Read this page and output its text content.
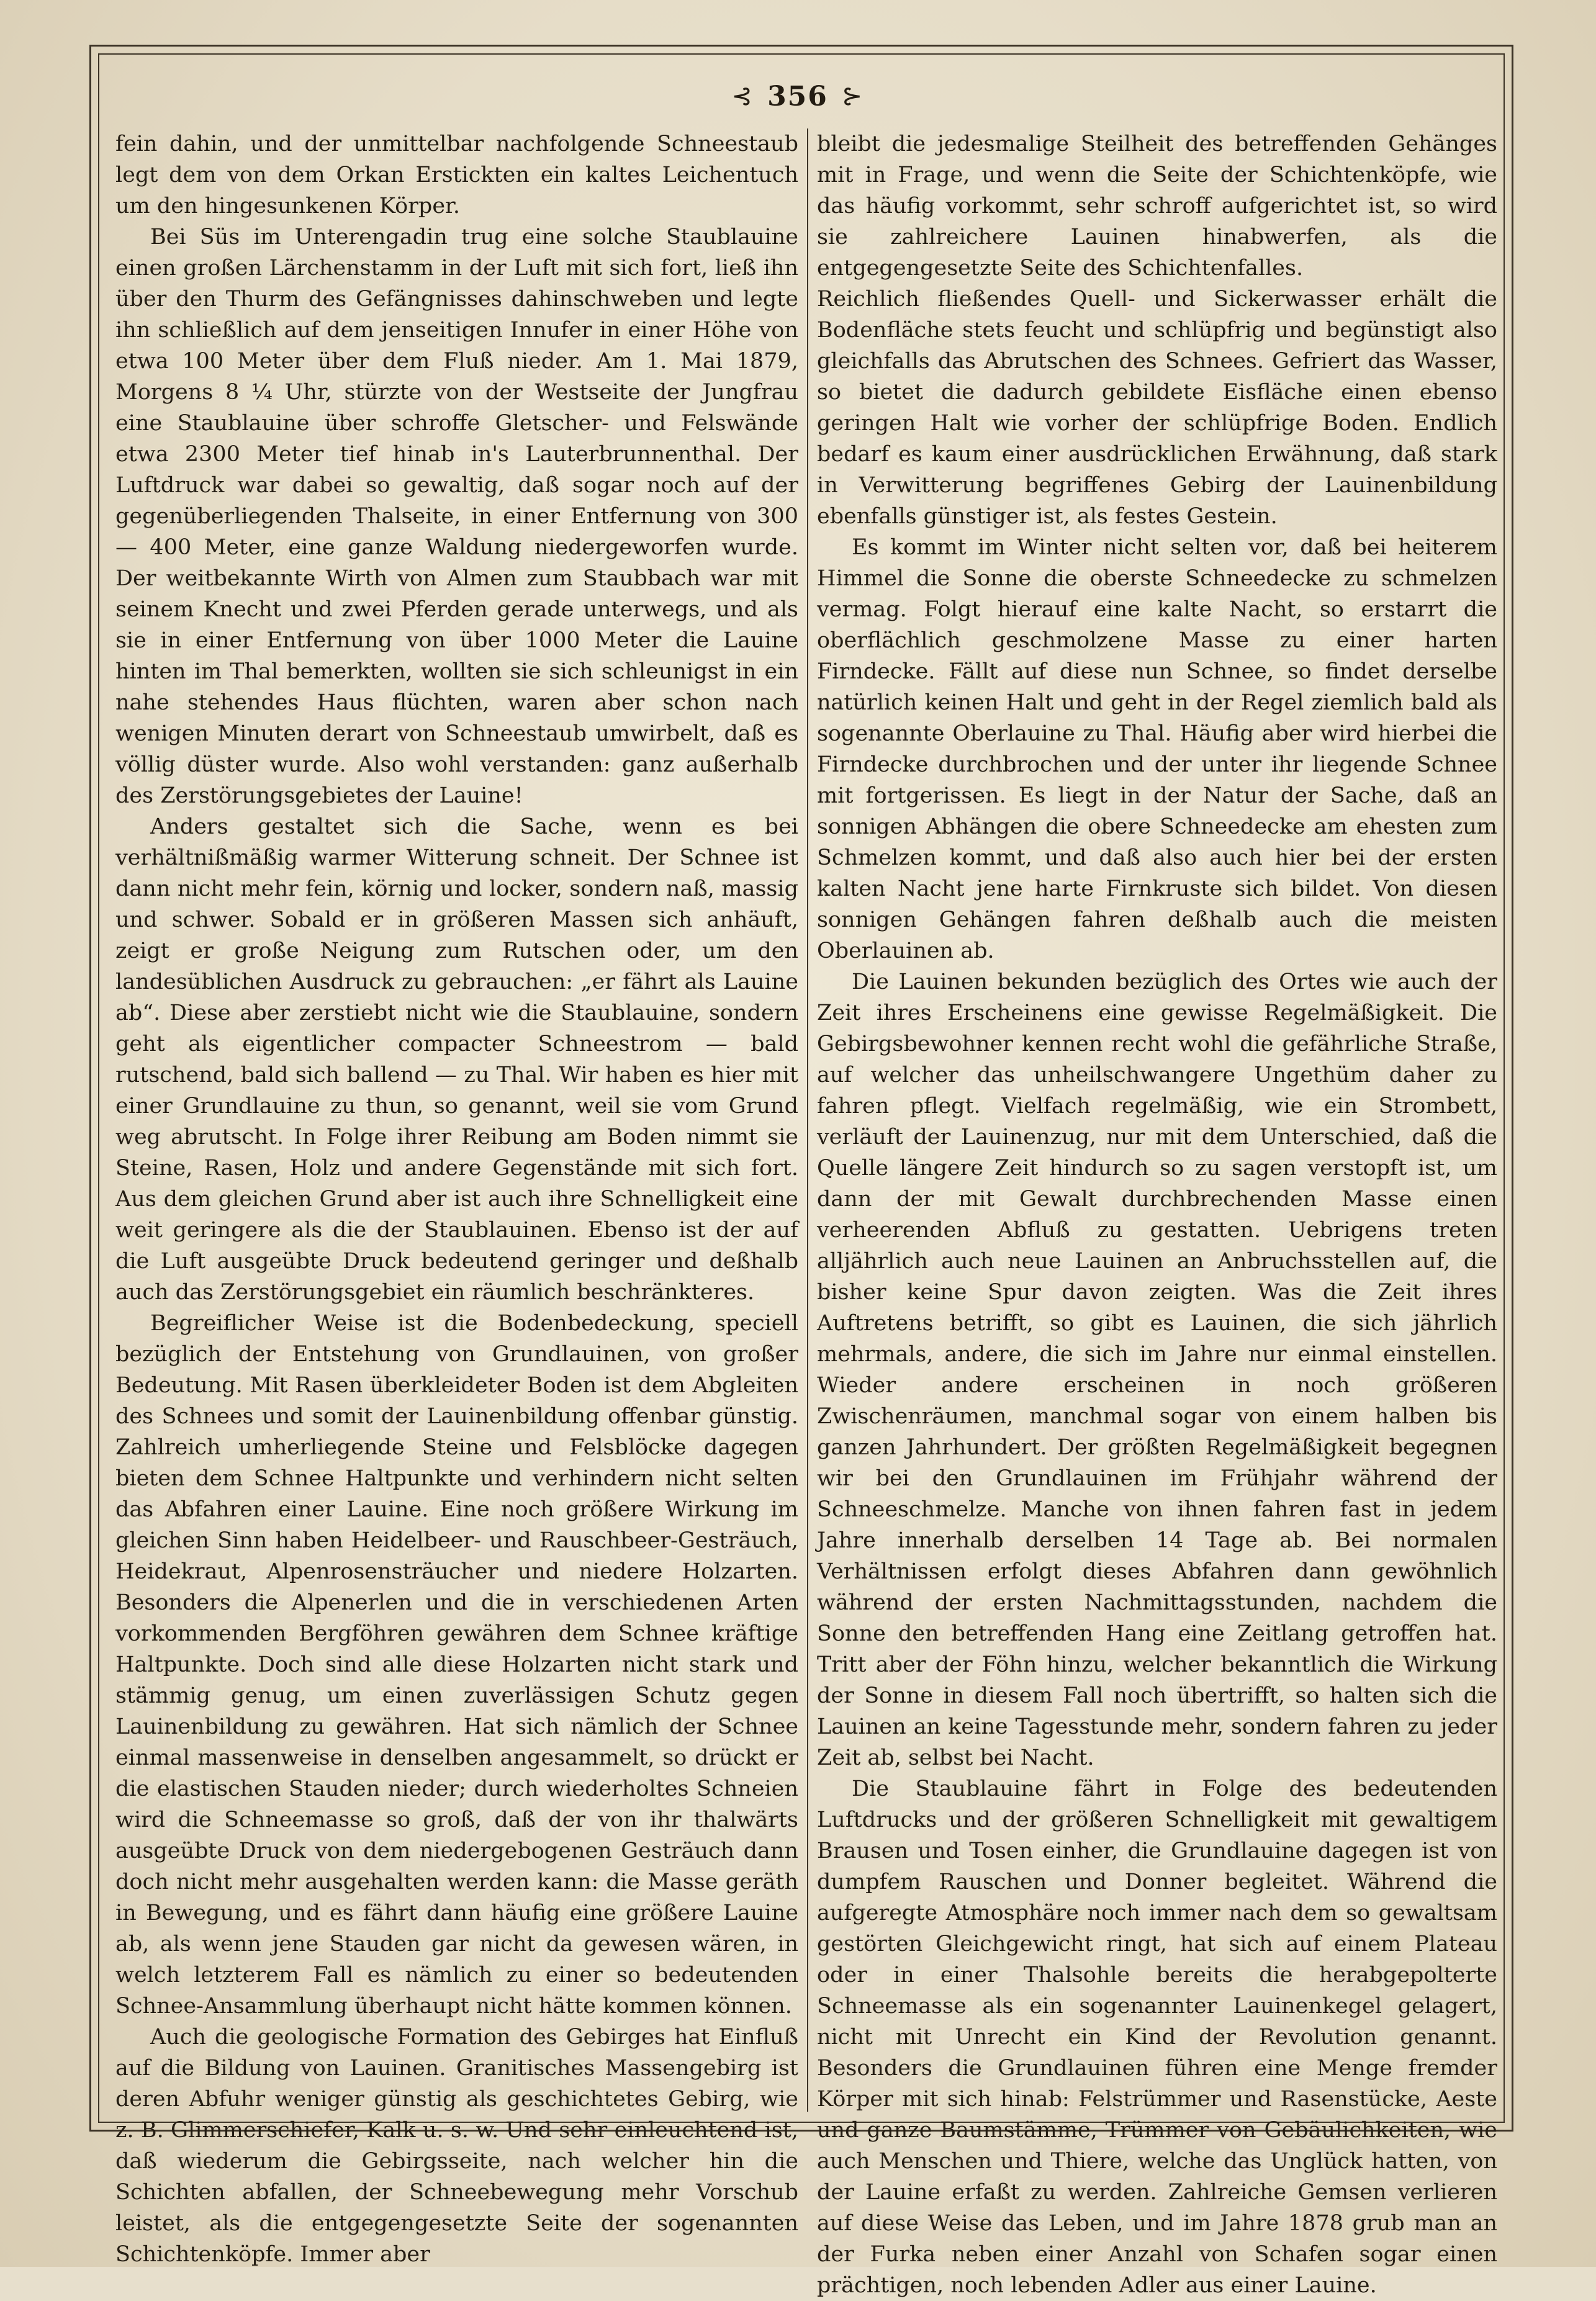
⊰ 356 ⊱

fein dahin, und der unmittelbar nachfolgende Schneestaub legt dem von dem Orkan Erstickten ein kaltes Leichentuch um den hingesunkenen Körper.

Bei Süs im Unterengadin trug eine solche Staublauine einen großen Lärchenstamm in der Luft mit sich fort, ließ ihn über den Thurm des Gefängnisses dahinschweben und legte ihn schließlich auf dem jenseitigen Innufer in einer Höhe von etwa 100 Meter über dem Fluß nieder. Am 1. Mai 1879, Morgens 8 ¼ Uhr, stürzte von der Westseite der Jungfrau eine Staublauine über schroffe Gletscher- und Felswände etwa 2300 Meter tief hinab in's Lauterbrunnenthal. Der Luftdruck war dabei so gewaltig, daß sogar noch auf der gegenüberliegenden Thalseite, in einer Entfernung von 300 — 400 Meter, eine ganze Waldung niedergeworfen wurde. Der weitbekannte Wirth von Almen zum Staubbach war mit seinem Knecht und zwei Pferden gerade unterwegs, und als sie in einer Entfernung von über 1000 Meter die Lauine hinten im Thal bemerkten, wollten sie sich schleunigst in ein nahe stehendes Haus flüchten, waren aber schon nach wenigen Minuten derart von Schneestaub umwirbelt, daß es völlig düster wurde. Also wohl verstanden: ganz außerhalb des Zerstörungsgebietes der Lauine!

Anders gestaltet sich die Sache, wenn es bei verhältnißmäßig warmer Witterung schneit. Der Schnee ist dann nicht mehr fein, körnig und locker, sondern naß, massig und schwer. Sobald er in größeren Massen sich anhäuft, zeigt er große Neigung zum Rutschen oder, um den landesüblichen Ausdruck zu gebrauchen: „er fährt als Lauine ab“. Diese aber zerstiebt nicht wie die Staublauine, sondern geht als eigentlicher compacter Schneestrom — bald rutschend, bald sich ballend — zu Thal. Wir haben es hier mit einer Grundlauine zu thun, so genannt, weil sie vom Grund weg abrutscht. In Folge ihrer Reibung am Boden nimmt sie Steine, Rasen, Holz und andere Gegenstände mit sich fort. Aus dem gleichen Grund aber ist auch ihre Schnelligkeit eine weit geringere als die der Staublauinen. Ebenso ist der auf die Luft ausgeübte Druck bedeutend geringer und deßhalb auch das Zerstörungsgebiet ein räumlich beschränkteres.

Begreiflicher Weise ist die Bodenbedeckung, speciell bezüglich der Entstehung von Grundlauinen, von großer Bedeutung. Mit Rasen überkleideter Boden ist dem Abgleiten des Schnees und somit der Lauinenbildung offenbar günstig. Zahlreich umherliegende Steine und Felsblöcke dagegen bieten dem Schnee Haltpunkte und verhindern nicht selten das Abfahren einer Lauine. Eine noch größere Wirkung im gleichen Sinn haben Heidelbeer- und Rauschbeer-Gesträuch, Heidekraut, Alpenrosensträucher und niedere Holzarten. Besonders die Alpenerlen und die in verschiedenen Arten vorkommenden Bergföhren gewähren dem Schnee kräftige Haltpunkte. Doch sind alle diese Holzarten nicht stark und stämmig genug, um einen zuverlässigen Schutz gegen Lauinenbildung zu gewähren. Hat sich nämlich der Schnee einmal massenweise in denselben angesammelt, so drückt er die elastischen Stauden nieder; durch wiederholtes Schneien wird die Schneemasse so groß, daß der von ihr thalwärts ausgeübte Druck von dem niedergebogenen Gesträuch dann doch nicht mehr ausgehalten werden kann: die Masse geräth in Bewegung, und es fährt dann häufig eine größere Lauine ab, als wenn jene Stauden gar nicht da gewesen wären, in welch letzterem Fall es nämlich zu einer so bedeutenden Schnee-Ansammlung überhaupt nicht hätte kommen können.

Auch die geologische Formation des Gebirges hat Einfluß auf die Bildung von Lauinen. Granitisches Massengebirg ist deren Abfuhr weniger günstig als geschichtetes Gebirg, wie z. B. Glimmerschiefer, Kalk u. s. w. Und sehr einleuchtend ist, daß wiederum die Gebirgsseite, nach welcher hin die Schichten abfallen, der Schneebewegung mehr Vorschub leistet, als die entgegengesetzte Seite der sogenannten Schichtenköpfe. Immer aber

bleibt die jedesmalige Steilheit des betreffenden Gehänges mit in Frage, und wenn die Seite der Schichtenköpfe, wie das häufig vorkommt, sehr schroff aufgerichtet ist, so wird sie zahlreichere Lauinen hinabwerfen, als die entgegengesetzte Seite des Schichtenfalles.

Reichlich fließendes Quell- und Sickerwasser erhält die Bodenfläche stets feucht und schlüpfrig und begünstigt also gleichfalls das Abrutschen des Schnees. Gefriert das Wasser, so bietet die dadurch gebildete Eisfläche einen ebenso geringen Halt wie vorher der schlüpfrige Boden. Endlich bedarf es kaum einer ausdrücklichen Erwähnung, daß stark in Verwitterung begriffenes Gebirg der Lauinenbildung ebenfalls günstiger ist, als festes Gestein.

Es kommt im Winter nicht selten vor, daß bei heiterem Himmel die Sonne die oberste Schneedecke zu schmelzen vermag. Folgt hierauf eine kalte Nacht, so erstarrt die oberflächlich geschmolzene Masse zu einer harten Firndecke. Fällt auf diese nun Schnee, so findet derselbe natürlich keinen Halt und geht in der Regel ziemlich bald als sogenannte Oberlauine zu Thal. Häufig aber wird hierbei die Firndecke durchbrochen und der unter ihr liegende Schnee mit fortgerissen. Es liegt in der Natur der Sache, daß an sonnigen Abhängen die obere Schneedecke am ehesten zum Schmelzen kommt, und daß also auch hier bei der ersten kalten Nacht jene harte Firnkruste sich bildet. Von diesen sonnigen Gehängen fahren deßhalb auch die meisten Oberlauinen ab.

Die Lauinen bekunden bezüglich des Ortes wie auch der Zeit ihres Erscheinens eine gewisse Regelmäßigkeit. Die Gebirgsbewohner kennen recht wohl die gefährliche Straße, auf welcher das unheilschwangere Ungethüm daher zu fahren pflegt. Vielfach regelmäßig, wie ein Strombett, verläuft der Lauinenzug, nur mit dem Unterschied, daß die Quelle längere Zeit hindurch so zu sagen verstopft ist, um dann der mit Gewalt durchbrechenden Masse einen verheerenden Abfluß zu gestatten. Uebrigens treten alljährlich auch neue Lauinen an Anbruchsstellen auf, die bisher keine Spur davon zeigten. Was die Zeit ihres Auftretens betrifft, so gibt es Lauinen, die sich jährlich mehrmals, andere, die sich im Jahre nur einmal einstellen. Wieder andere erscheinen in noch größeren Zwischenräumen, manchmal sogar von einem halben bis ganzen Jahrhundert. Der größten Regelmäßigkeit begegnen wir bei den Grundlauinen im Frühjahr während der Schneeschmelze. Manche von ihnen fahren fast in jedem Jahre innerhalb derselben 14 Tage ab. Bei normalen Verhältnissen erfolgt dieses Abfahren dann gewöhnlich während der ersten Nachmittagsstunden, nachdem die Sonne den betreffenden Hang eine Zeitlang getroffen hat. Tritt aber der Föhn hinzu, welcher bekanntlich die Wirkung der Sonne in diesem Fall noch übertrifft, so halten sich die Lauinen an keine Tagesstunde mehr, sondern fahren zu jeder Zeit ab, selbst bei Nacht.

Die Staublauine fährt in Folge des bedeutenden Luftdrucks und der größeren Schnelligkeit mit gewaltigem Brausen und Tosen einher, die Grundlauine dagegen ist von dumpfem Rauschen und Donner begleitet. Während die aufgeregte Atmosphäre noch immer nach dem so gewaltsam gestörten Gleichgewicht ringt, hat sich auf einem Plateau oder in einer Thalsohle bereits die herabgepolterte Schneemasse als ein sogenannter Lauinenkegel gelagert, nicht mit Unrecht ein Kind der Revolution genannt. Besonders die Grundlauinen führen eine Menge fremder Körper mit sich hinab: Felstrümmer und Rasenstücke, Aeste und ganze Baumstämme, Trümmer von Gebäulichkeiten, wie auch Menschen und Thiere, welche das Unglück hatten, von der Lauine erfaßt zu werden. Zahlreiche Gemsen verlieren auf diese Weise das Leben, und im Jahre 1878 grub man an der Furka neben einer Anzahl von Schafen sogar einen prächtigen, noch lebenden Adler aus einer Lauine.
